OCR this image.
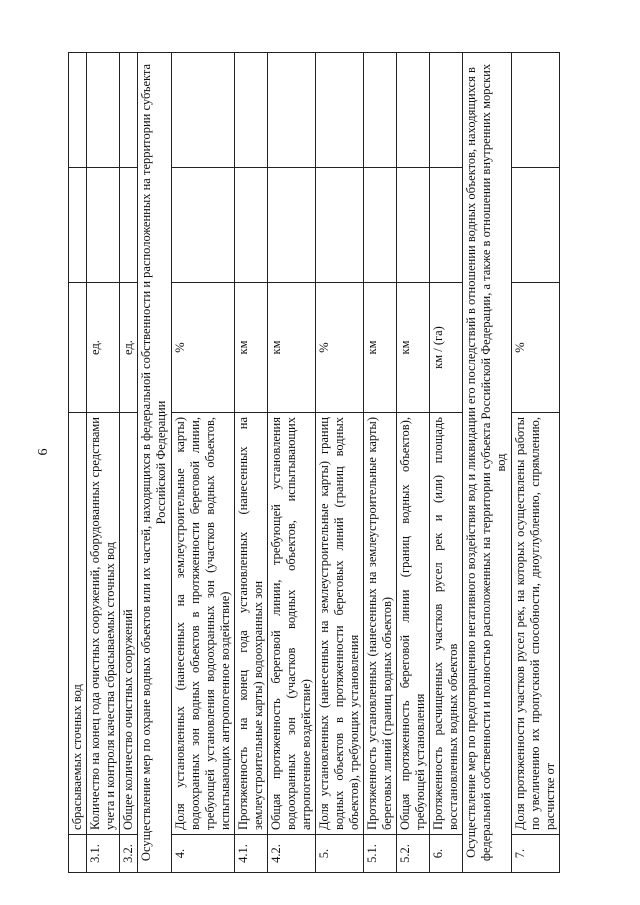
6
	сбрасываемых сточных вод			
3.1.	Количество на конец года очистных сооружений, оборудованных средствами учета и контроля качества сбрасываемых сточных вод	ед.		
3.2.	Общее количество очистных сооружений	ед.		
Осуществление мер по охране водных объектов или их частей, находящихся в федеральной собственности и расположенных на территории субъекта Российской Федерации				
4.	Доля установленных (нанесенных на землеустроительные карты) водоохранных зон водных объектов в протяженности береговой линии, требующей установления водоохранных зон (участков водных объектов, испытывающих антропогенное воздействие)	%		
4.1.	Протяженность на конец года установленных (нанесенных на землеустроительные карты) водоохранных зон	км		
4.2.	Общая протяженность береговой линии, требующей установления водоохранных зон (участков водных объектов, испытывающих антропогенное воздействие)	км		
5.	Доля установленных (нанесенных на землеустроительные карты) границ водных объектов в протяженности береговых линий (границ водных объектов), требующих установления	%		
5.1.	Протяженность установленных (нанесенных на землеустроительные карты) береговых линий (границ водных объектов)	км		
5.2.	Общая протяженность береговой линии (границ водных объектов), требующей установления	км		
6.	Протяженность расчищенных участков русел рек и (или) площадь восстановленных водных объектов	км / (га)		
Осуществление мер по предотвращению негативного воздействия вод и ликвидации его последствий в отношении водных объектов, находящихся в федеральной собственности и полностью расположенных на территории субъекта Российской Федерации, а также в отношении внутренних морских вод				
7.	Доля протяженности участков русел рек, на которых осуществлены работы по увеличению их пропускной способности, дноуглублению, спрямлению, расчистке от	%		
